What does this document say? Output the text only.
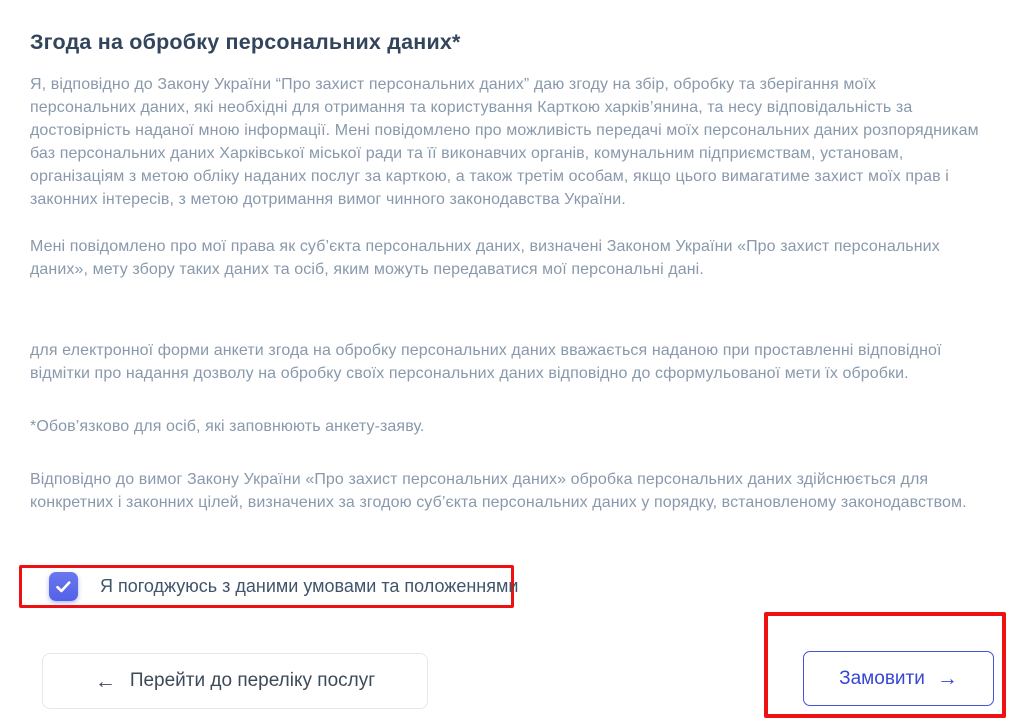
Згода на обробку персональних даних*

Я, відповідно до Закону України “Про захист персональних даних” даю згоду на збір, обробку та зберігання моїх персональних даних, які необхідні для отримання та користування Карткою харків’янина, та несу відповідальність за достовірність наданої мною інформації. Мені повідомлено про можливість передачі моїх персональних даних розпорядникам баз персональних даних Харківської міської ради та її виконавчих органів, комунальним підприємствам, установам, організаціям з метою обліку наданих послуг за карткою, а також третім особам, якщо цього вимагатиме захист моїх прав і законних інтересів, з метою дотримання вимог чинного законодавства України.

Мені повідомлено про мої права як суб’єкта персональних даних, визначені Законом України «Про захист персональних даних», мету збору таких даних та осіб, яким можуть передаватися мої персональні дані.

для електронної форми анкети згода на обробку персональних даних вважається наданою при проставленні відповідної відмітки про надання дозволу на обробку своїх персональних даних відповідно до сформульованої мети їх обробки.

*Обов’язково для осіб, які заповнюють анкету-заяву.

Відповідно до вимог Закону України «Про захист персональних даних» обробка персональних даних здійснюється для конкретних і законних цілей, визначених за згодою суб’єкта персональних даних у порядку, встановленому законодавством.

Я погоджуюсь з даними умовами та положеннями
← Перейти до переліку послуг	Замовити →
